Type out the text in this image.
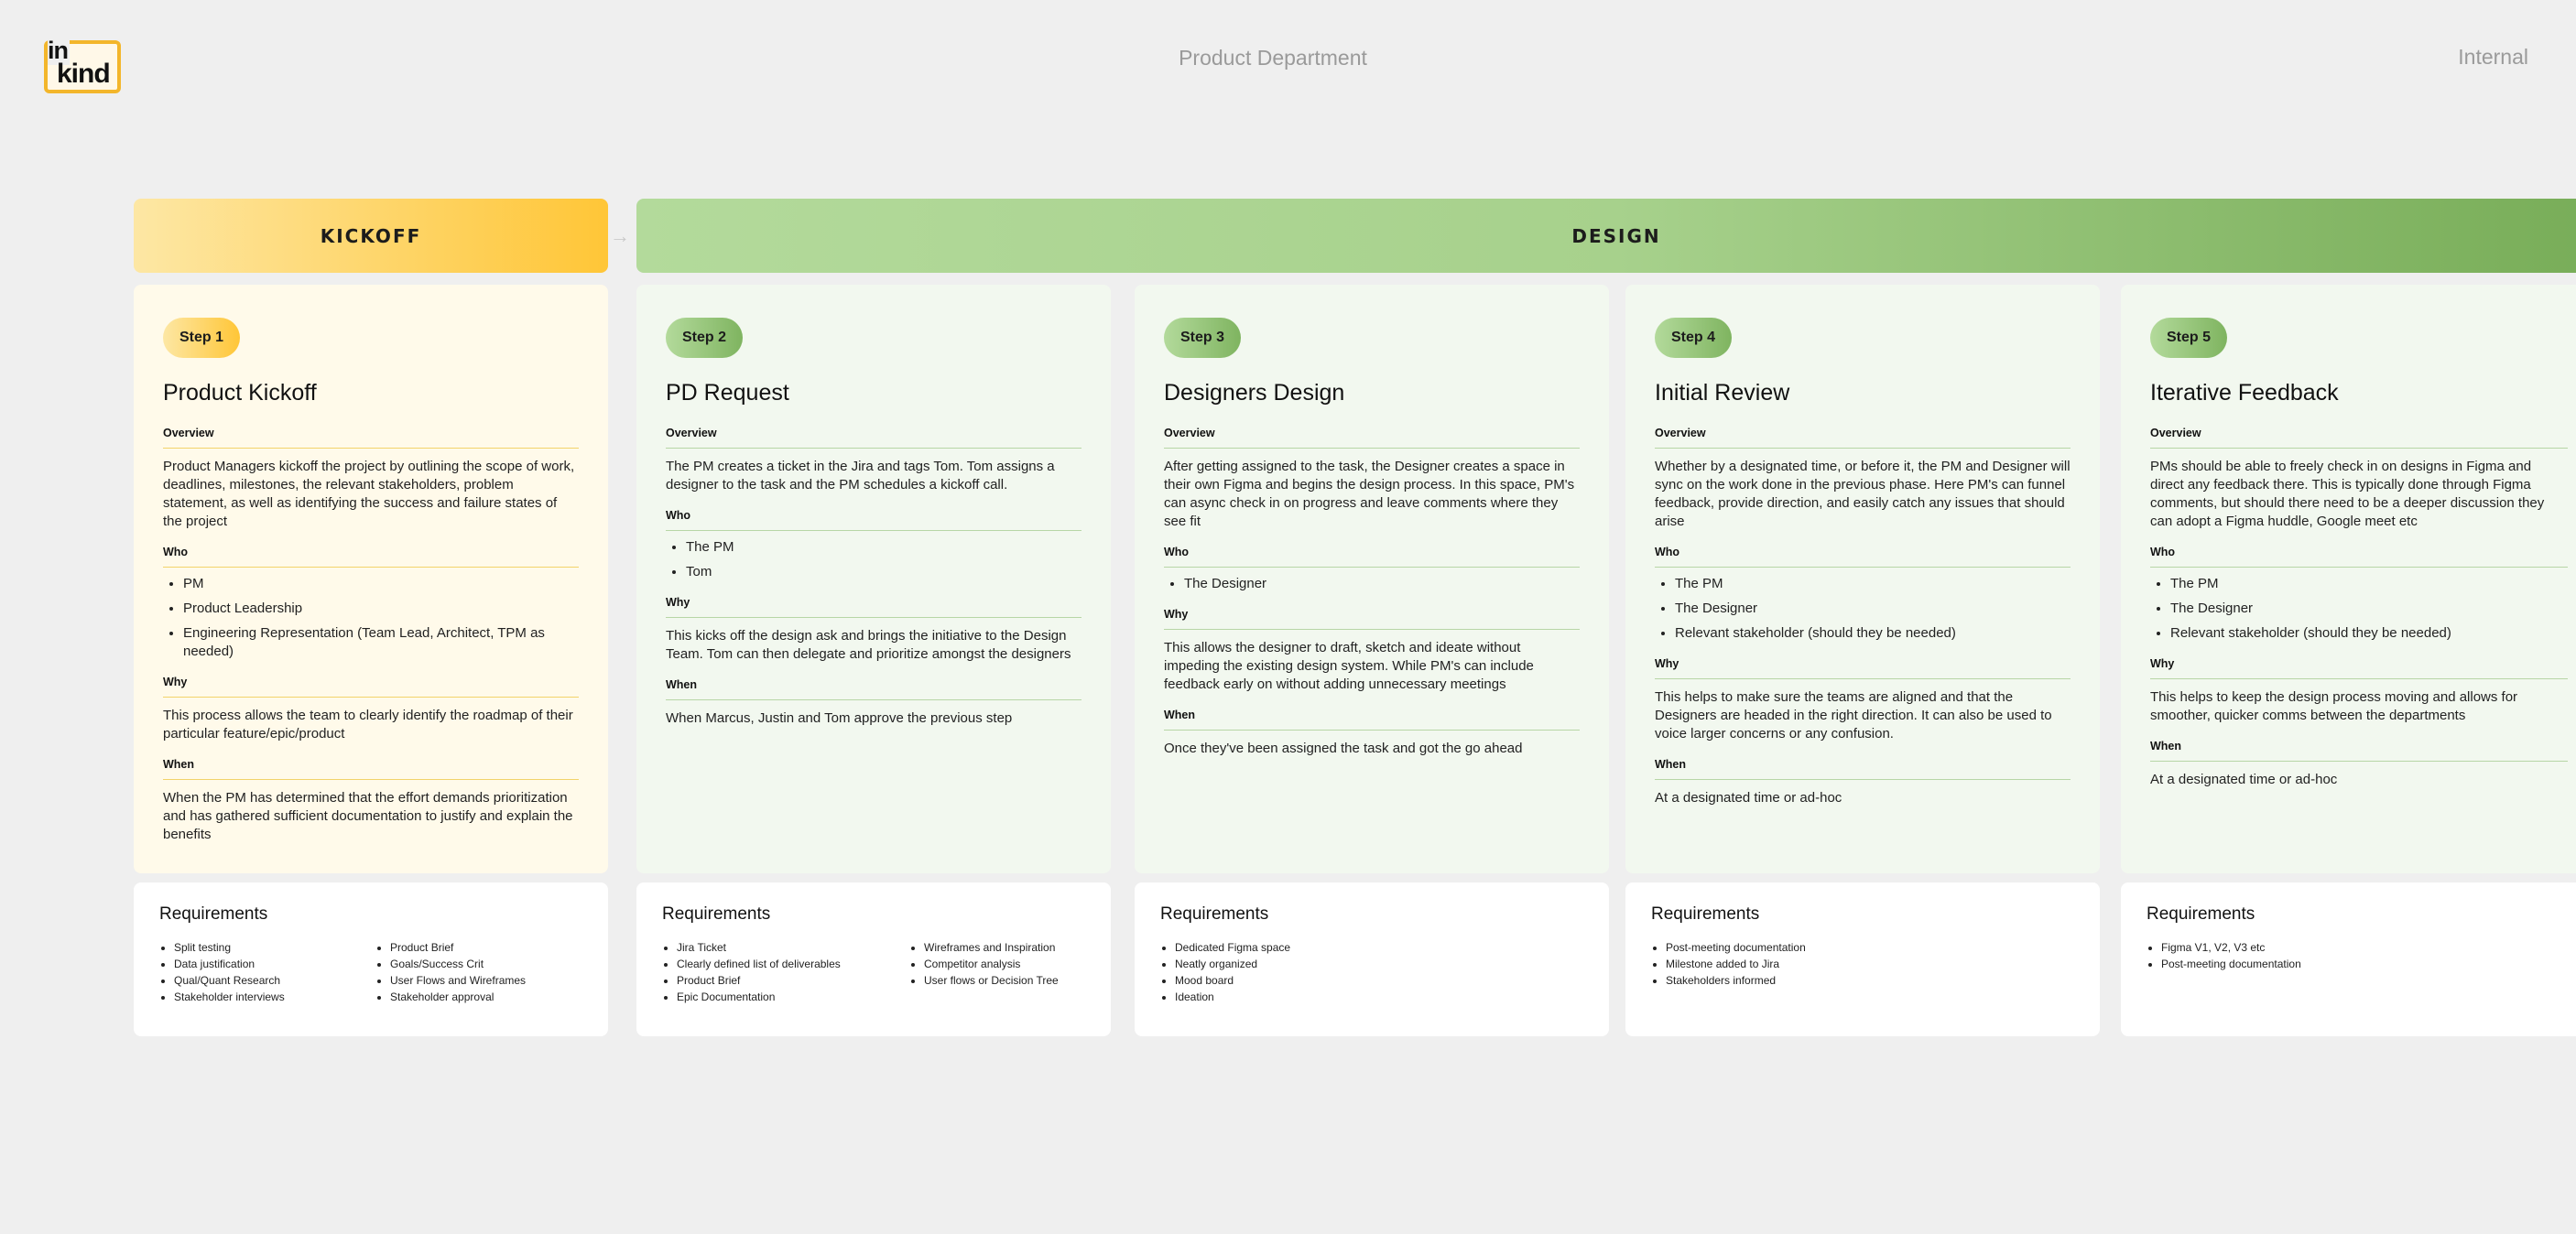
in
kind
Product Department	Internal
KICKOFF	→	DESIGN
Step 1
Product Kickoff
Overview
Product Managers kickoff the project by outlining the scope of work, deadlines, milestones, the relevant stakeholders, problem statement, as well as identifying the success and failure states of the project
Who
• PM
• Product Leadership
• Engineering Representation (Team Lead, Architect, TPM as needed)
Why
This process allows the team to clearly identify the roadmap of their particular feature/epic/product
When
When the PM has determined that the effort demands prioritization and has gathered sufficient documentation to justify and explain the benefits
Requirements
• Split testing
• Data justification
• Qual/Quant Research
• Stakeholder interviews
• Product Brief
• Goals/Success Crit
• User Flows and Wireframes
• Stakeholder approval
Step 2
PD Request
Overview
The PM creates a ticket in the Jira and tags Tom. Tom assigns a designer to the task and the PM schedules a kickoff call.
Who
• The PM
• Tom
Why
This kicks off the design ask and brings the initiative to the Design Team. Tom can then delegate and prioritize amongst the designers
When
When Marcus, Justin and Tom approve the previous step
Requirements
• Jira Ticket
• Clearly defined list of deliverables
• Product Brief
• Epic Documentation
• Wireframes and Inspiration
• Competitor analysis
• User flows or Decision Tree
Step 3
Designers Design
Overview
After getting assigned to the task, the Designer creates a space in their own Figma and begins the design process. In this space, PM's can async check in on progress and leave comments where they see fit
Who
• The Designer
Why
This allows the designer to draft, sketch and ideate without impeding the existing design system. While PM's can include feedback early on without adding unnecessary meetings
When
Once they've been assigned the task and got the go ahead
Requirements
• Dedicated Figma space
• Neatly organized
• Mood board
• Ideation
Step 4
Initial Review
Overview
Whether by a designated time, or before it, the PM and Designer will sync on the work done in the previous phase. Here PM's can funnel feedback, provide direction, and easily catch any issues that should arise
Who
• The PM
• The Designer
• Relevant stakeholder (should they be needed)
Why
This helps to make sure the teams are aligned and that the Designers are headed in the right direction. It can also be used to voice larger concerns or any confusion.
When
At a designated time or ad-hoc
Requirements
• Post-meeting documentation
• Milestone added to Jira
• Stakeholders informed
Step 5
Iterative Feedback
Overview
PMs should be able to freely check in on designs in Figma and direct any feedback there. This is typically done through Figma comments, but should there need to be a deeper discussion they can adopt a Figma huddle, Google meet etc
Who
• The PM
• The Designer
• Relevant stakeholder (should they be needed)
Why
This helps to keep the design process moving and allows for smoother, quicker comms between the departments
When
At a designated time or ad-hoc
Requirements
• Figma V1, V2, V3 etc
• Post-meeting documentation
